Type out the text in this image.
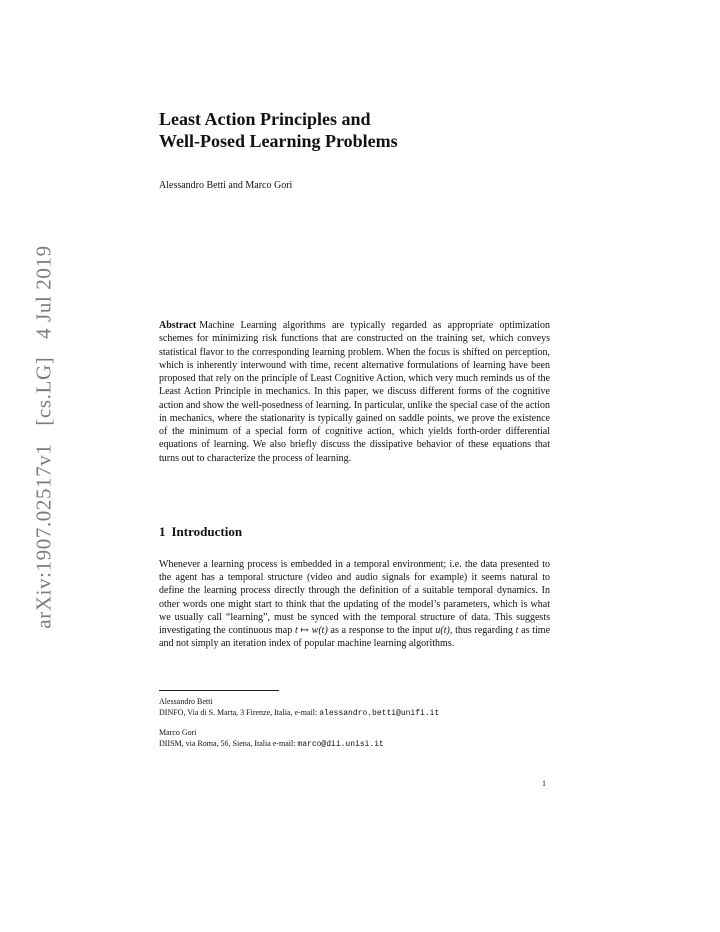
arXiv:1907.02517v1 [cs.LG] 4 Jul 2019
Least Action Principles and
Well-Posed Learning Problems
Alessandro Betti and Marco Gori
Abstract Machine Learning algorithms are typically regarded as appropriate optimization schemes for minimizing risk functions that are constructed on the training set, which conveys statistical flavor to the corresponding learning problem. When the focus is shifted on perception, which is inherently interwound with time, recent alternative formulations of learning have been proposed that rely on the principle of Least Cognitive Action, which very much reminds us of the Least Action Principle in mechanics. In this paper, we discuss different forms of the cognitive action and show the well-posedness of learning. In particular, unlike the special case of the action in mechanics, where the stationarity is typically gained on saddle points, we prove the existence of the minimum of a special form of cognitive action, which yields forth-order differential equations of learning. We also briefly discuss the dissipative behavior of these equations that turns out to characterize the process of learning.
1 Introduction
Whenever a learning process is embedded in a temporal environment; i.e. the data presented to the agent has a temporal structure (video and audio signals for example) it seems natural to define the learning process directly through the definition of a suitable temporal dynamics. In other words one might start to think that the updating of the model’s parameters, which is what we usually call “learning”, must be synced with the temporal structure of data. This suggests investigating the continuous map t ↦ w(t) as a response to the input u(t), thus regarding t as time and not simply an iteration index of popular machine learning algorithms.
Alessandro Betti
DINFO, Via di S. Marta, 3 Firenze, Italia, e-mail: alessandro.betti@unifi.it
Marco Gori
DIISM, via Roma, 56, Siena, Italia e-mail: marco@dii.unisi.it
1
